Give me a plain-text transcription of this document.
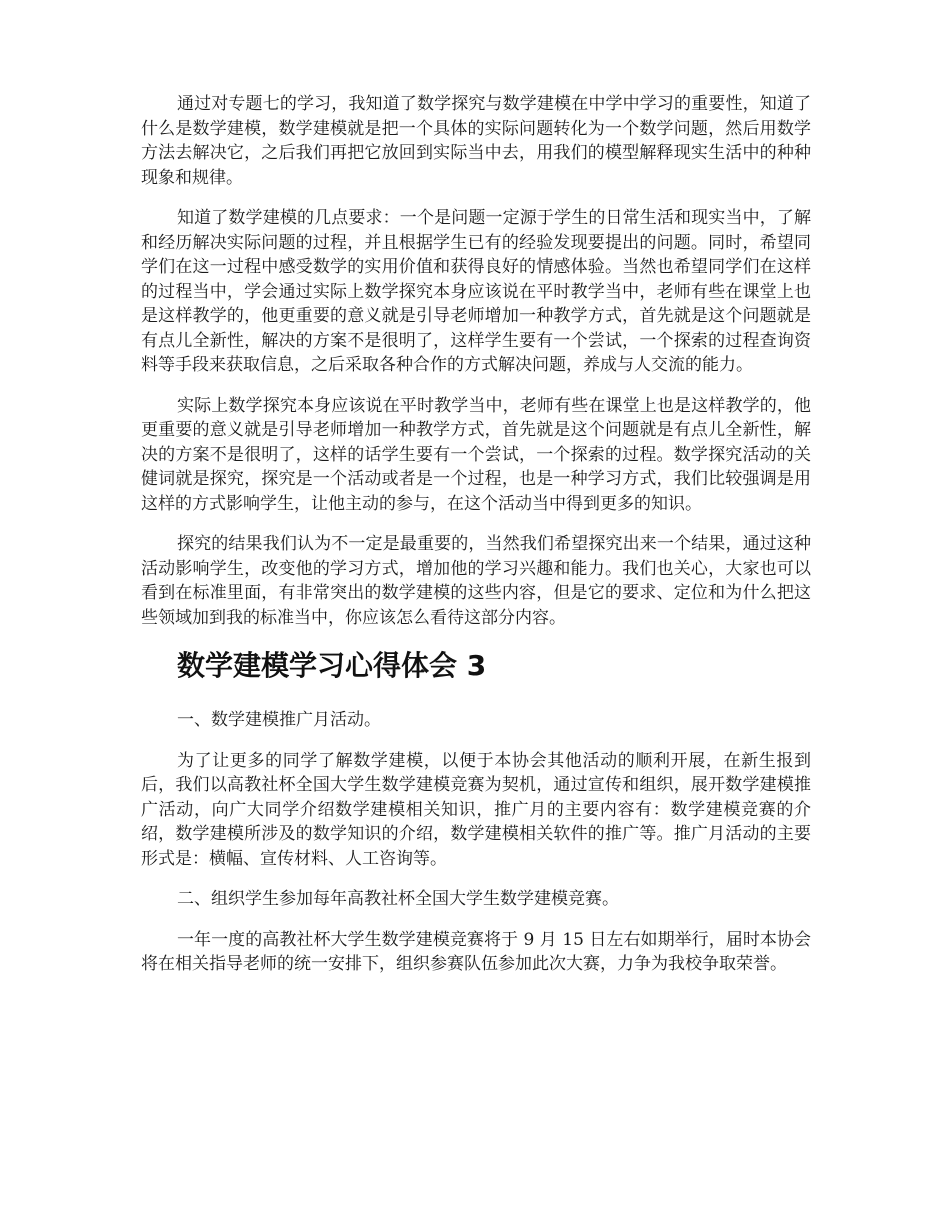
通过对专题七的学习，我知道了数学探究与数学建模在中学中学习的重要性，知道了什么是数学建模，数学建模就是把一个具体的实际问题转化为一个数学问题，然后用数学方法去解决它，之后我们再把它放回到实际当中去，用我们的模型解释现实生活中的种种现象和规律。

知道了数学建模的几点要求：一个是问题一定源于学生的日常生活和现实当中，了解和经历解决实际问题的过程，并且根据学生已有的经验发现要提出的问题。同时，希望同学们在这一过程中感受数学的实用价值和获得良好的情感体验。当然也希望同学们在这样的过程当中，学会通过实际上数学探究本身应该说在平时教学当中，老师有些在课堂上也是这样教学的，他更重要的意义就是引导老师增加一种教学方式，首先就是这个问题就是有点儿全新性，解决的方案不是很明了，这样学生要有一个尝试，一个探索的过程查询资料等手段来获取信息，之后采取各种合作的方式解决问题，养成与人交流的能力。

实际上数学探究本身应该说在平时教学当中，老师有些在课堂上也是这样教学的，他更重要的意义就是引导老师增加一种教学方式，首先就是这个问题就是有点儿全新性，解决的方案不是很明了，这样的话学生要有一个尝试，一个探索的过程。数学探究活动的关健词就是探究，探究是一个活动或者是一个过程，也是一种学习方式，我们比较强调是用这样的方式影响学生，让他主动的参与，在这个活动当中得到更多的知识。

探究的结果我们认为不一定是最重要的，当然我们希望探究出来一个结果，通过这种活动影响学生，改变他的学习方式，增加他的学习兴趣和能力。我们也关心，大家也可以看到在标准里面，有非常突出的数学建模的这些内容，但是它的要求、定位和为什么把这些领域加到我的标准当中，你应该怎么看待这部分内容。

数学建模学习心得体会 3

一、数学建模推广月活动。

为了让更多的同学了解数学建模，以便于本协会其他活动的顺利开展，在新生报到后，我们以高教社杯全国大学生数学建模竞赛为契机，通过宣传和组织，展开数学建模推广活动，向广大同学介绍数学建模相关知识，推广月的主要内容有：数学建模竞赛的介绍，数学建模所涉及的数学知识的介绍，数学建模相关软件的推广等。推广月活动的主要形式是：横幅、宣传材料、人工咨询等。

二、组织学生参加每年高教社杯全国大学生数学建模竞赛。

一年一度的高教社杯大学生数学建模竞赛将于 9 月 15 日左右如期举行，届时本协会将在相关指导老师的统一安排下，组织参赛队伍参加此次大赛，力争为我校争取荣誉。
